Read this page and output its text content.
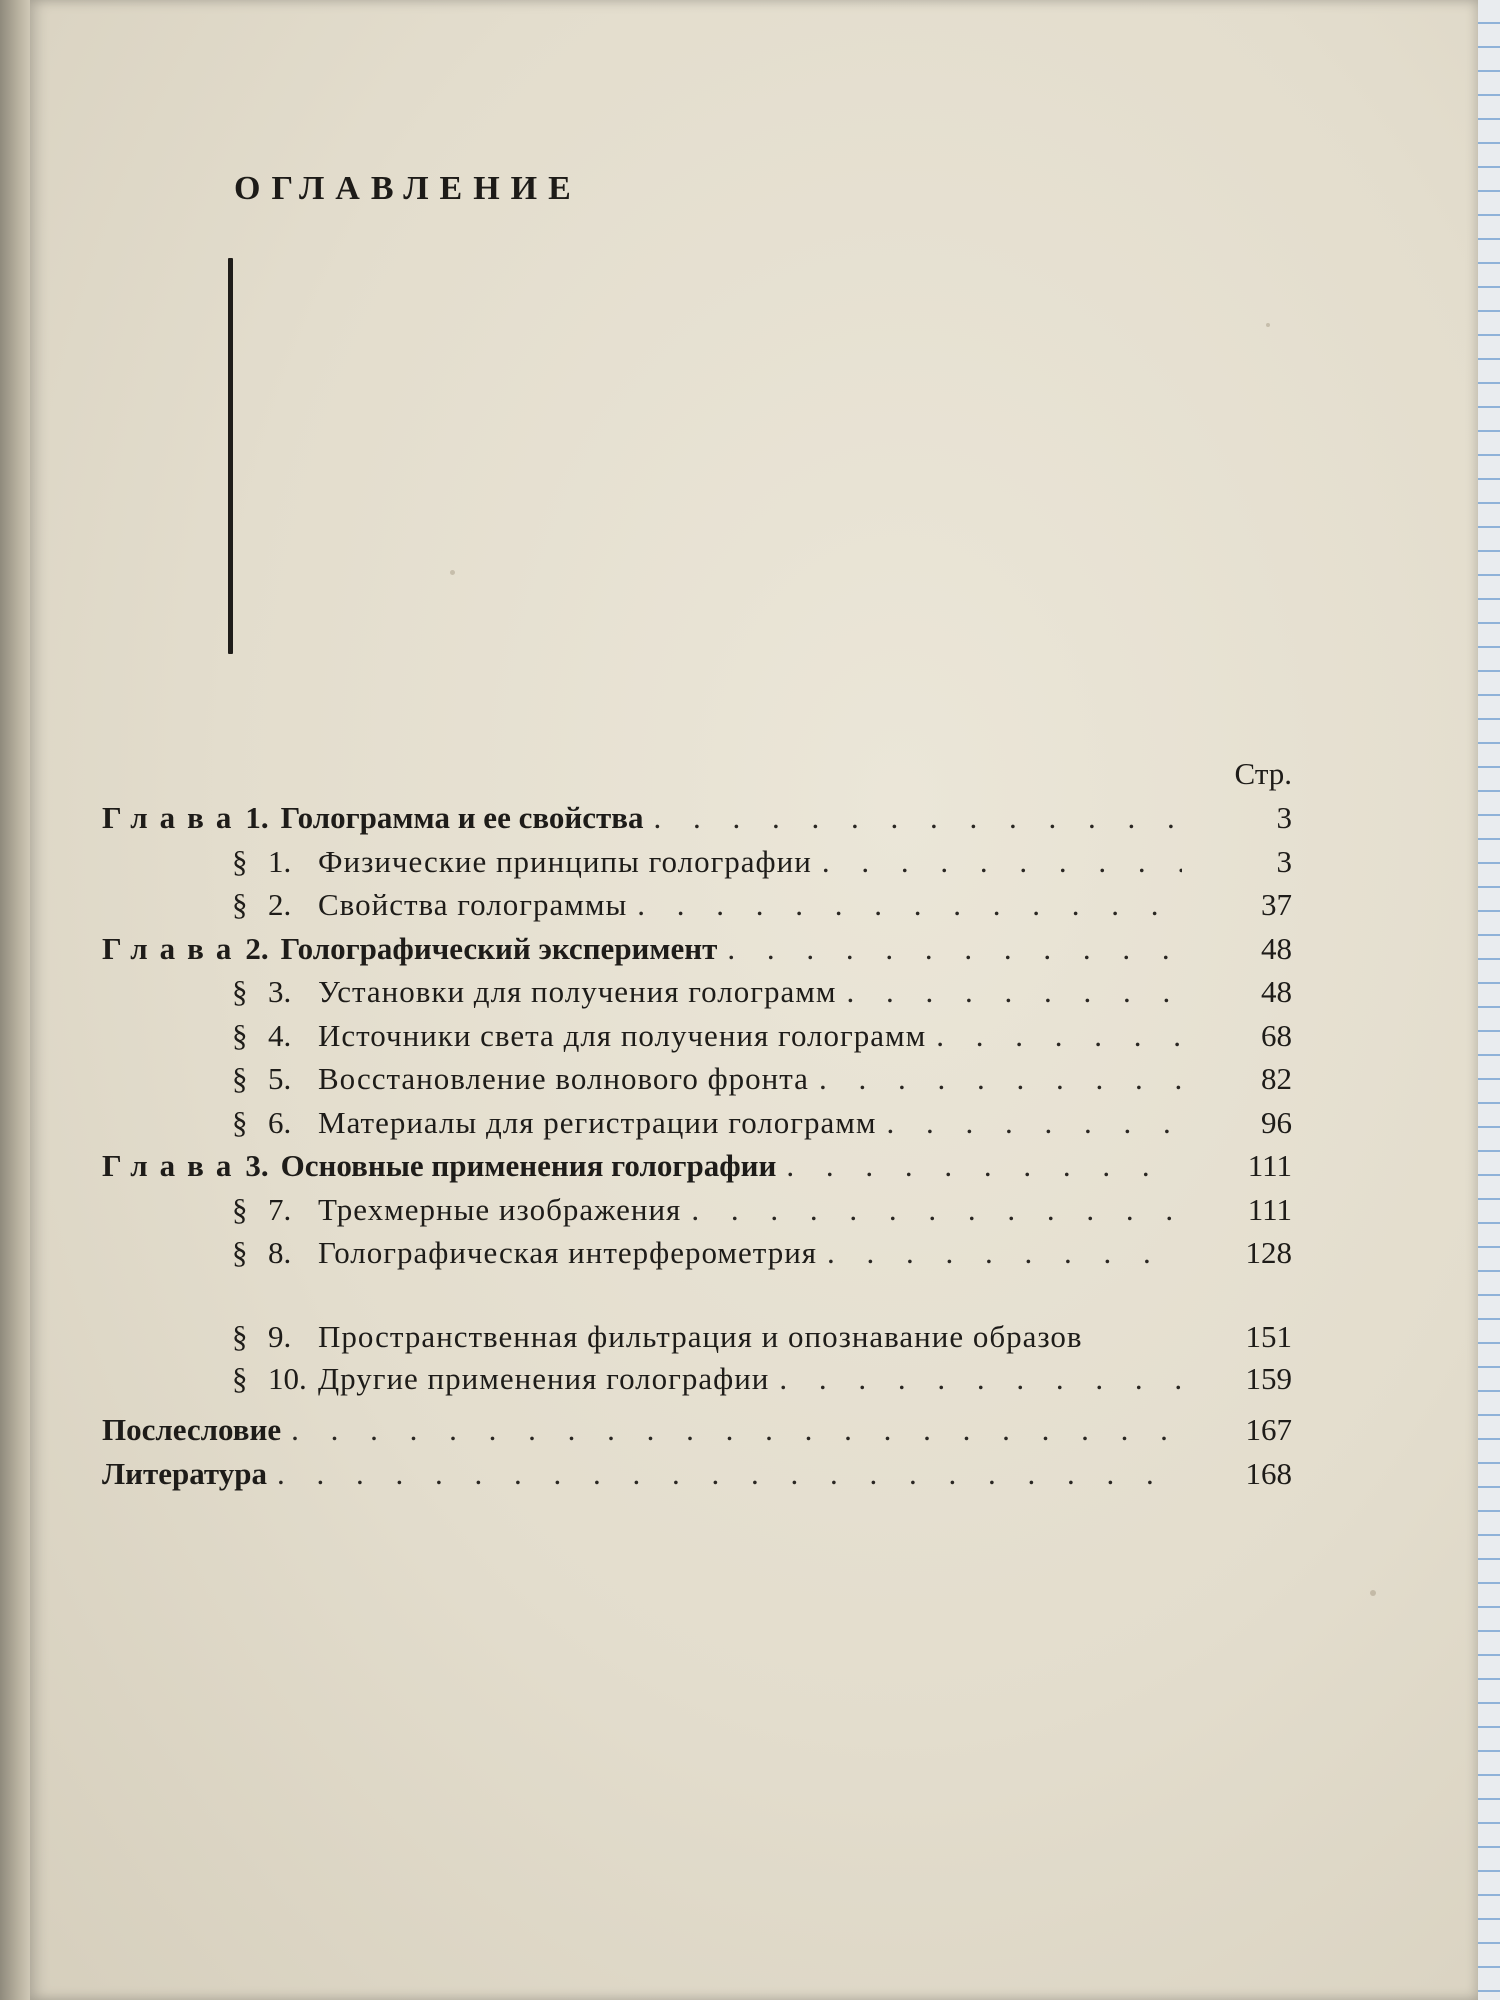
ОГЛАВЛЕНИЕ
Стр.
Глава 1. Голограмма и ее свойства . . .	3
§ 1. Физические принципы голографии . . .	3
§ 2. Свойства голограммы . . .	37
Глава 2. Голографический эксперимент . . .	48
§ 3. Установки для получения голограмм . . .	48
§ 4. Источники света для получения голограмм . . .	68
§ 5. Восстановление волнового фронта . . .	82
§ 6. Материалы для регистрации голограмм . . .	96
Глава 3. Основные применения голографии . . .	111
§ 7. Трехмерные изображения . . .	111
§ 8. Голографическая интерферометрия . . .	128
§ 9. Пространственная фильтрация и опознавание образов	151
§ 10. Другие применения голографии . . .	159
Послесловие . . .	167
Литература . . .	168
